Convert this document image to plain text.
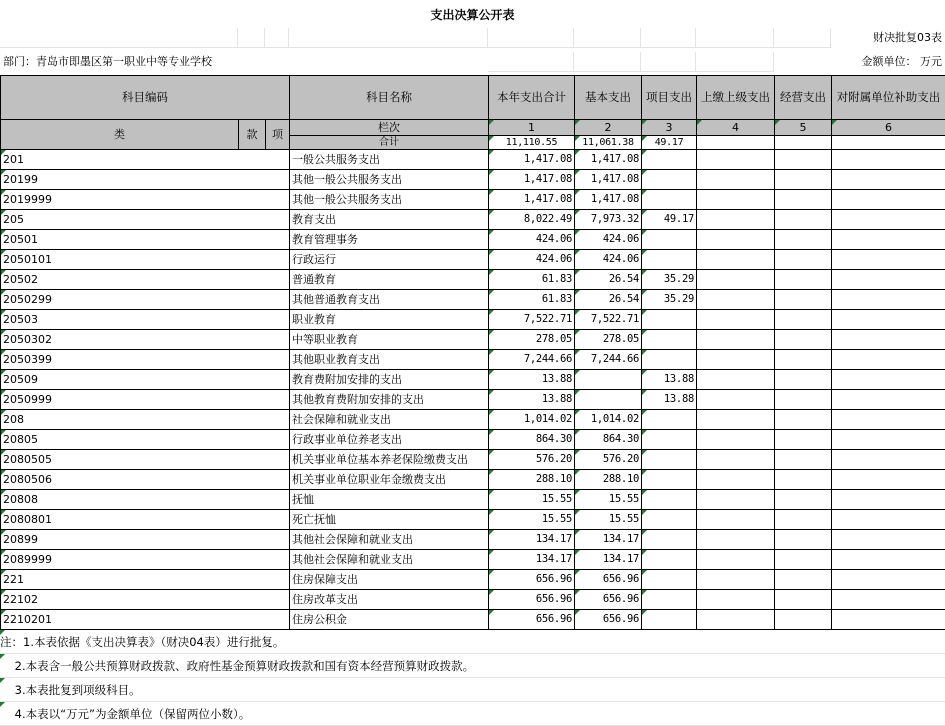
支出决算公开表
财决批复03表
部门：青岛市即墨区第一职业中等专业学校	金额单位： 万元
科目编码			科目名称	本年支出合计	基本支出	项目支出	上缴上级支出	经营支出	对附属单位补助支出
类	款	项	栏次	1	2	3	4	5	6
			合计	11,110.55	11,061.38	49.17			
201			一般公共服务支出	1,417.08	1,417.08				
20199			其他一般公共服务支出	1,417.08	1,417.08				
2019999			其他一般公共服务支出	1,417.08	1,417.08				
205			教育支出	8,022.49	7,973.32	49.17			
20501			教育管理事务	424.06	424.06				
2050101			行政运行	424.06	424.06				
20502			普通教育	61.83	26.54	35.29			
2050299			其他普通教育支出	61.83	26.54	35.29			
20503			职业教育	7,522.71	7,522.71				
2050302			中等职业教育	278.05	278.05				
2050399			其他职业教育支出	7,244.66	7,244.66				
20509			教育费附加安排的支出	13.88		13.88			
2050999			其他教育费附加安排的支出	13.88		13.88			
208			社会保障和就业支出	1,014.02	1,014.02				
20805			行政事业单位养老支出	864.30	864.30				
2080505			机关事业单位基本养老保险缴费支出	576.20	576.20				
2080506			机关事业单位职业年金缴费支出	288.10	288.10				
20808			抚恤	15.55	15.55				
2080801			死亡抚恤	15.55	15.55				
20899			其他社会保障和就业支出	134.17	134.17				
2089999			其他社会保障和就业支出	134.17	134.17				
221			住房保障支出	656.96	656.96				
22102			住房改革支出	656.96	656.96				
2210201			住房公积金	656.96	656.96				
注：1.本表依据《支出决算表》（财决04表）进行批复。
2.本表含一般公共预算财政拨款、政府性基金预算财政拨款和国有资本经营预算财政拨款。
3.本表批复到项级科目。
4.本表以“万元”为金额单位（保留两位小数）。
